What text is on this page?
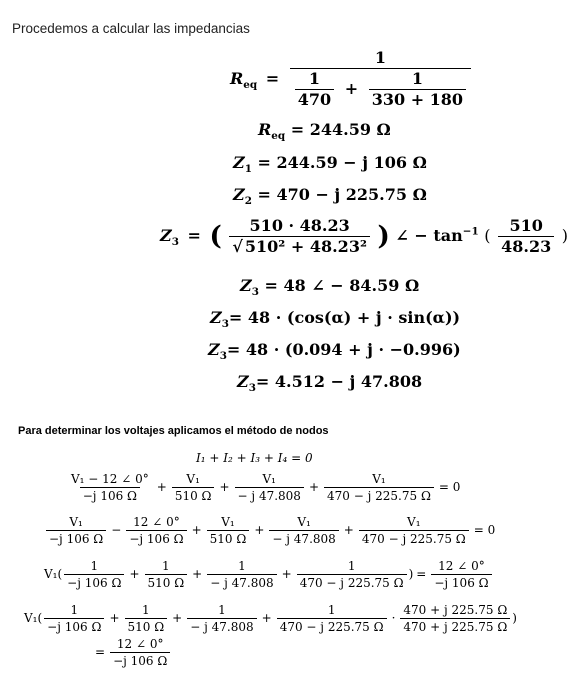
Procedemos a calcular las impedancias
$R_{eq} = \frac{1}{\frac{1}{470} + \frac{1}{330 + 180}}$
$R_{eq} = 244.59$ Ω
$Z_1 = 244.59 - j$ 106 Ω
$Z_2 = 470 - j$ 225.75 Ω
$Z_3$ = ( $\frac{510 \cdot 48.23}{\text{√ 510² + 48.23²}}$ ) ∠ − $\tan^{-1}$ ( $\frac{510}{48.23}$ )
$Z_3 = 48$ ∠ − 84.59 Ω
$Z_3= 48 \cdot (\cos(\alpha) + j \cdot \sin(\alpha))$
$Z_3= 48 \cdot (0.094 + j \cdot -0.996)$
$Z_3= 4.512 - j$ 47.808
Para determinar los voltajes aplicamos el método de nodos
I₁ + I₂ + I₃ + I₄ = 0
$\frac{\text{V₁ − 12 ∠ 0°}}{-j 106 \Omega} + \frac{\text{V₁}}{510 \Omega} + \frac{\text{V₁}}{- j 47.808} + \frac{\text{V₁}}{470 - j 225.75 \Omega} = 0$
$\frac{\text{V₁}}{-j 106 \Omega} - \frac{12 \angle 0^\circ}{-j 106 \Omega} + \frac{\text{V₁}}{510 \Omega} + \frac{\text{V₁}}{- j 47.808} + \frac{\text{V₁}}{470 - j 225.75 \Omega} = 0$
$V_1( \frac{1}{-j 106 \Omega} + \frac{1}{510 \Omega} + \frac{1}{- j 47.808} + \frac{1}{470 - j 225.75 \Omega}$ ) = $\frac{12 \angle 0^\circ}{-j 106 \Omega}$
$V_1( \frac{1}{-j 106 \Omega} + \frac{1}{510 \Omega} + \frac{1}{- j 47.808} + \frac{1}{470 - j 225.75 \Omega} \cdot \frac{470 + j 225.75 \Omega}{470 + j 225.75 \Omega}$ )
= $\frac{12 \angle 0^\circ}{-j 106 \Omega}$
